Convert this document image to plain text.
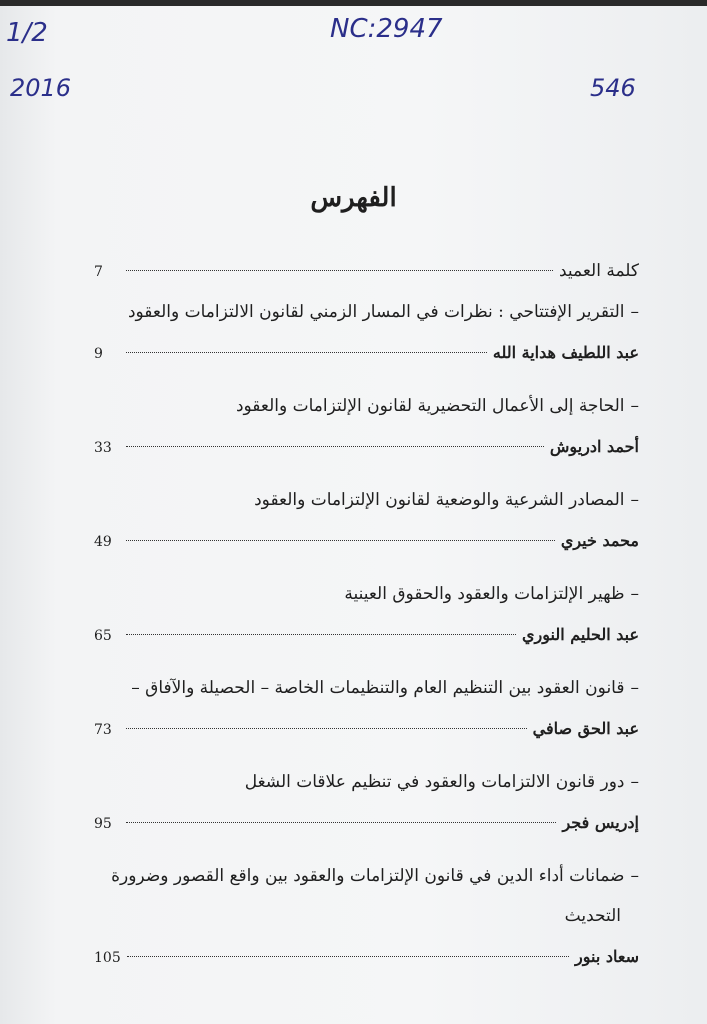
1/2
2016
NC:2947
546
الفهرس
كلمة العميد
7
–
التقرير الإفتتاحي : نظرات في المسار الزمني لقانون الالتزامات والعقود
عبد اللطيف هداية الله
9
–
الحاجة إلى الأعمال التحضيرية لقانون الإلتزامات والعقود
أحمد ادريوش
33
–
المصادر الشرعية والوضعية لقانون الإلتزامات والعقود
محمد خيري
49
–
ظهير الإلتزامات والعقود والحقوق العينية
عبد الحليم النوري
65
–
قانون العقود بين التنظيم العام والتنظيمات الخاصة – الحصيلة والآفاق –
عبد الحق صافي
73
–
دور قانون الالتزامات والعقود في تنظيم علاقات الشغل
إدريس فجر
95
–
ضمانات أداء الدين في قانون الإلتزامات والعقود بين واقع القصور وضرورة
التحديث
سعاد بنور
105
